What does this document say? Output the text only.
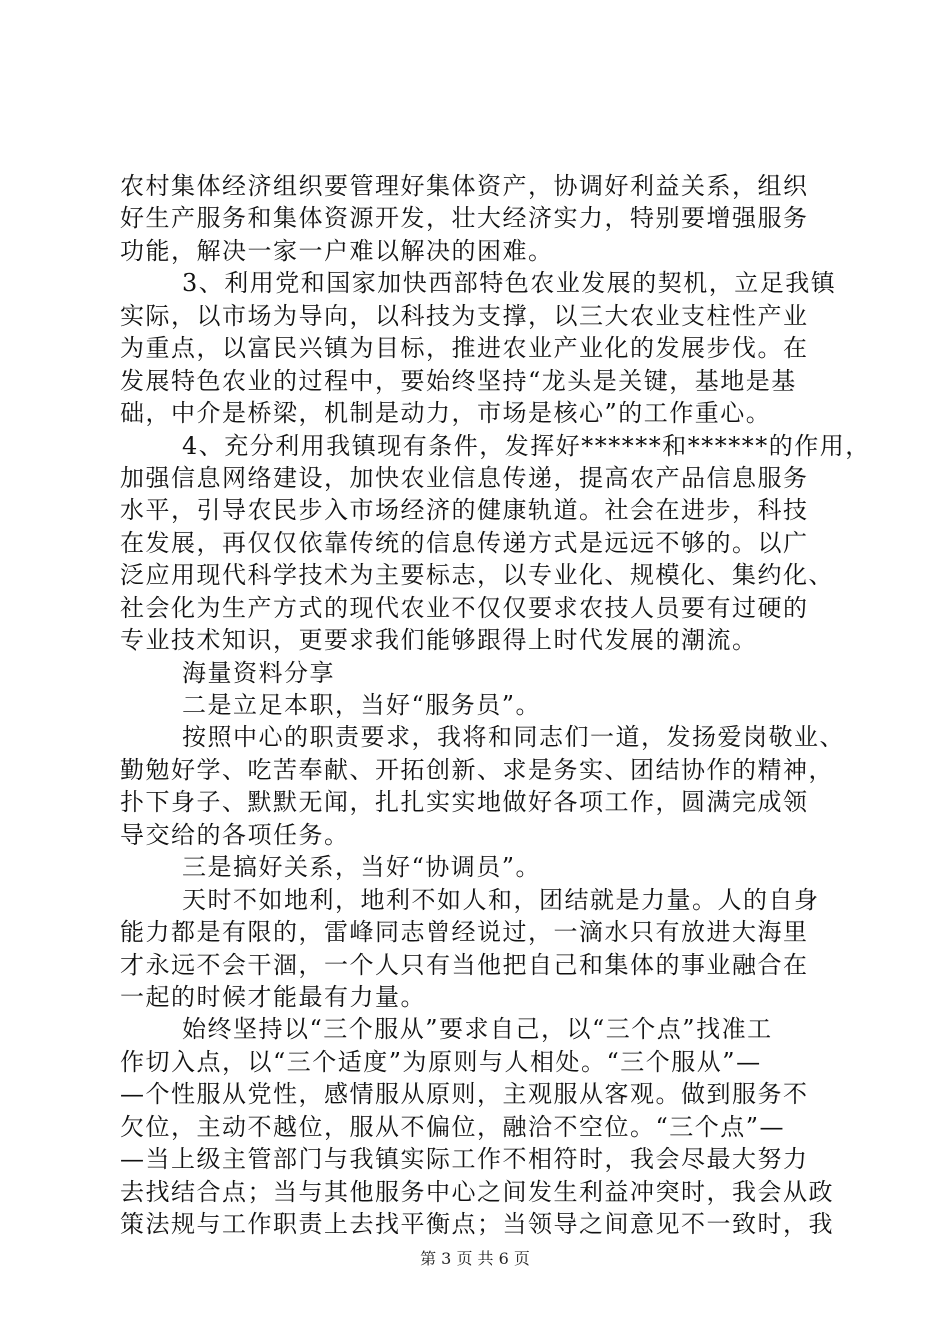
农村集体经济组织要管理好集体资产，协调好利益关系，组织
好生产服务和集体资源开发，壮大经济实力，特别要增强服务
功能，解决一家一户难以解决的困难。
3、利用党和国家加快西部特色农业发展的契机，立足我镇
实际，以市场为导向，以科技为支撑，以三大农业支柱性产业
为重点，以富民兴镇为目标，推进农业产业化的发展步伐。在
发展特色农业的过程中，要始终坚持“龙头是关键，基地是基
础，中介是桥梁，机制是动力，市场是核心”的工作重心。
4、充分利用我镇现有条件，发挥好******和******的作用，
加强信息网络建设，加快农业信息传递，提高农产品信息服务
水平，引导农民步入市场经济的健康轨道。社会在进步，科技
在发展，再仅仅依靠传统的信息传递方式是远远不够的。以广
泛应用现代科学技术为主要标志，以专业化、规模化、集约化、
社会化为生产方式的现代农业不仅仅要求农技人员要有过硬的
专业技术知识，更要求我们能够跟得上时代发展的潮流。
海量资料分享
二是立足本职，当好“服务员”。
按照中心的职责要求，我将和同志们一道，发扬爱岗敬业、
勤勉好学、吃苦奉献、开拓创新、求是务实、团结协作的精神，
扑下身子、默默无闻，扎扎实实地做好各项工作，圆满完成领
导交给的各项任务。
三是搞好关系，当好“协调员”。
天时不如地利，地利不如人和，团结就是力量。人的自身
能力都是有限的，雷峰同志曾经说过，一滴水只有放进大海里
才永远不会干涸，一个人只有当他把自己和集体的事业融合在
一起的时候才能最有力量。
始终坚持以“三个服从”要求自己，以“三个点”找准工
作切入点，以“三个适度”为原则与人相处。“三个服从”—
—个性服从党性，感情服从原则，主观服从客观。做到服务不
欠位，主动不越位，服从不偏位，融洽不空位。“三个点”—
—当上级主管部门与我镇实际工作不相符时，我会尽最大努力
去找结合点；当与其他服务中心之间发生利益冲突时，我会从政
策法规与工作职责上去找平衡点；当领导之间意见不一致时，我
第 3 页 共 6 页
